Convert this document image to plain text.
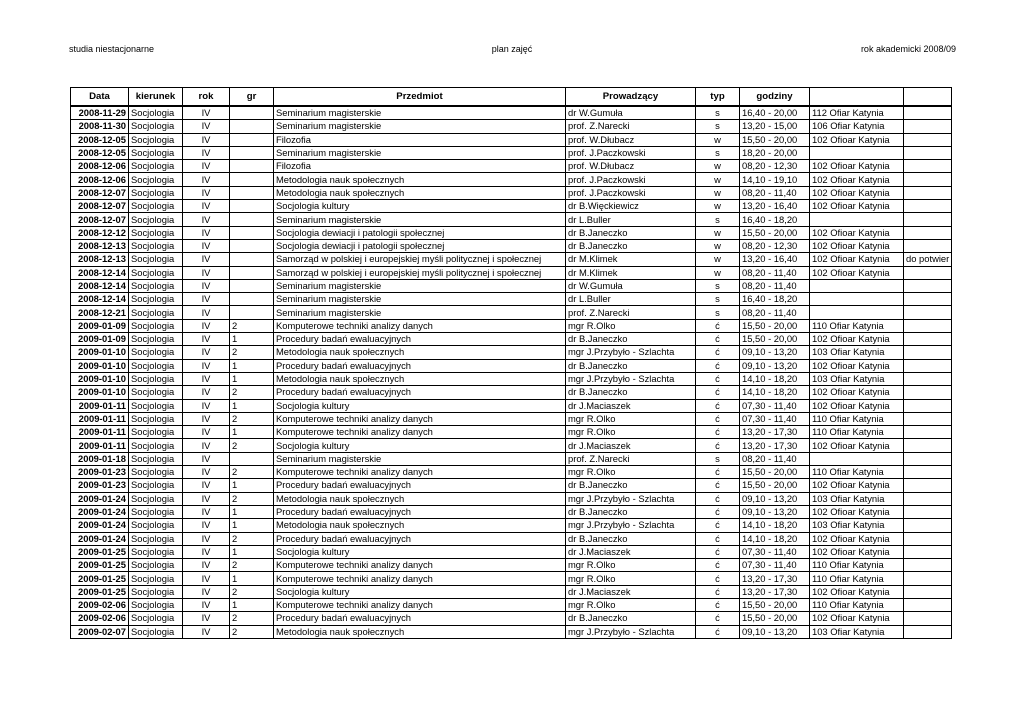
studia niestacjonarne	plan zajęć	rok akademicki 2008/09
Data	kierunek	rok	gr	Przedmiot	Prowadzący	typ	godziny		
2008-11-29	Socjologia	IV		Seminarium magisterskie	dr W.Gumuła	s	16,40 - 20,00	112 Ofiar Katynia	
2008-11-30	Socjologia	IV		Seminarium magisterskie	prof. Z.Narecki	s	13,20 - 15,00	106 Ofiar Katynia	
2008-12-05	Socjologia	IV		Filozofia	prof. W.Dłubacz	w	15,50 - 20,00	102 Ofioar Katynia	
2008-12-05	Socjologia	IV		Seminarium magisterskie	prof. J.Paczkowski	s	18,20 - 20,00		
2008-12-06	Socjologia	IV		Filozofia	prof. W.Dłubacz	w	08,20 - 12,30	102 Ofioar Katynia	
2008-12-06	Socjologia	IV		Metodologia nauk społecznych	prof. J.Paczkowski	w	14,10 - 19,10	102 Ofioar Katynia	
2008-12-07	Socjologia	IV		Metodologia nauk społecznych	prof. J.Paczkowski	w	08,20 - 11,40	102 Ofioar Katynia	
2008-12-07	Socjologia	IV		Socjologia kultury	dr B.Więckiewicz	w	13,20 - 16,40	102 Ofioar Katynia	
2008-12-07	Socjologia	IV		Seminarium magisterskie	dr L.Buller	s	16,40 - 18,20		
2008-12-12	Socjologia	IV		Socjologia dewiacji i patologii społecznej	dr B.Janeczko	w	15,50 - 20,00	102 Ofioar Katynia	
2008-12-13	Socjologia	IV		Socjologia dewiacji i patologii społecznej	dr B.Janeczko	w	08,20 - 12,30	102 Ofioar Katynia	
2008-12-13	Socjologia	IV		Samorząd w polskiej i europejskiej myśli politycznej i społecznej	dr M.Klimek	w	13,20 - 16,40	102 Ofioar Katynia	do potwier
2008-12-14	Socjologia	IV		Samorząd w polskiej i europejskiej myśli politycznej i społecznej	dr M.Klimek	w	08,20 - 11,40	102 Ofioar Katynia	
2008-12-14	Socjologia	IV		Seminarium magisterskie	dr W.Gumuła	s	08,20 - 11,40		
2008-12-14	Socjologia	IV		Seminarium magisterskie	dr L.Buller	s	16,40 - 18,20		
2008-12-21	Socjologia	IV		Seminarium magisterskie	prof. Z.Narecki	s	08,20 - 11,40		
2009-01-09	Socjologia	IV	2	Komputerowe techniki analizy danych	mgr R.Olko	ć	15,50 - 20,00	110 Ofiar Katynia	
2009-01-09	Socjologia	IV	1	Procedury badań ewaluacyjnych	dr B.Janeczko	ć	15,50 - 20,00	102 Ofioar Katynia	
2009-01-10	Socjologia	IV	2	Metodologia nauk społecznych	mgr J.Przybyło - Szlachta	ć	09,10 - 13,20	103 Ofiar Katynia	
2009-01-10	Socjologia	IV	1	Procedury badań ewaluacyjnych	dr B.Janeczko	ć	09,10 - 13,20	102 Ofioar Katynia	
2009-01-10	Socjologia	IV	1	Metodologia nauk społecznych	mgr J.Przybyło - Szlachta	ć	14,10 - 18,20	103 Ofiar Katynia	
2009-01-10	Socjologia	IV	2	Procedury badań ewaluacyjnych	dr B.Janeczko	ć	14,10 - 18,20	102 Ofioar Katynia	
2009-01-11	Socjologia	IV	1	Socjologia kultury	dr J.Maciaszek	ć	07,30 - 11,40	102 Ofioar Katynia	
2009-01-11	Socjologia	IV	2	Komputerowe techniki analizy danych	mgr R.Olko	ć	07,30 - 11,40	110 Ofiar Katynia	
2009-01-11	Socjologia	IV	1	Komputerowe techniki analizy danych	mgr R.Olko	ć	13,20 - 17,30	110 Ofiar Katynia	
2009-01-11	Socjologia	IV	2	Socjologia kultury	dr J.Maciaszek	ć	13,20 - 17,30	102 Ofioar Katynia	
2009-01-18	Socjologia	IV		Seminarium magisterskie	prof. Z.Narecki	s	08,20 - 11,40		
2009-01-23	Socjologia	IV	2	Komputerowe techniki analizy danych	mgr R.Olko	ć	15,50 - 20,00	110 Ofiar Katynia	
2009-01-23	Socjologia	IV	1	Procedury badań ewaluacyjnych	dr B.Janeczko	ć	15,50 - 20,00	102 Ofioar Katynia	
2009-01-24	Socjologia	IV	2	Metodologia nauk społecznych	mgr J.Przybyło - Szlachta	ć	09,10 - 13,20	103 Ofiar Katynia	
2009-01-24	Socjologia	IV	1	Procedury badań ewaluacyjnych	dr B.Janeczko	ć	09,10 - 13,20	102 Ofioar Katynia	
2009-01-24	Socjologia	IV	1	Metodologia nauk społecznych	mgr J.Przybyło - Szlachta	ć	14,10 - 18,20	103 Ofiar Katynia	
2009-01-24	Socjologia	IV	2	Procedury badań ewaluacyjnych	dr B.Janeczko	ć	14,10 - 18,20	102 Ofioar Katynia	
2009-01-25	Socjologia	IV	1	Socjologia kultury	dr J.Maciaszek	ć	07,30 - 11,40	102 Ofioar Katynia	
2009-01-25	Socjologia	IV	2	Komputerowe techniki analizy danych	mgr R.Olko	ć	07,30 - 11,40	110 Ofiar Katynia	
2009-01-25	Socjologia	IV	1	Komputerowe techniki analizy danych	mgr R.Olko	ć	13,20 - 17,30	110 Ofiar Katynia	
2009-01-25	Socjologia	IV	2	Socjologia kultury	dr J.Maciaszek	ć	13,20 - 17,30	102 Ofioar Katynia	
2009-02-06	Socjologia	IV	1	Komputerowe techniki analizy danych	mgr R.Olko	ć	15,50 - 20,00	110 Ofiar Katynia	
2009-02-06	Socjologia	IV	2	Procedury badań ewaluacyjnych	dr B.Janeczko	ć	15,50 - 20,00	102 Ofioar Katynia	
2009-02-07	Socjologia	IV	2	Metodologia nauk społecznych	mgr J.Przybyło - Szlachta	ć	09,10 - 13,20	103 Ofiar Katynia	
